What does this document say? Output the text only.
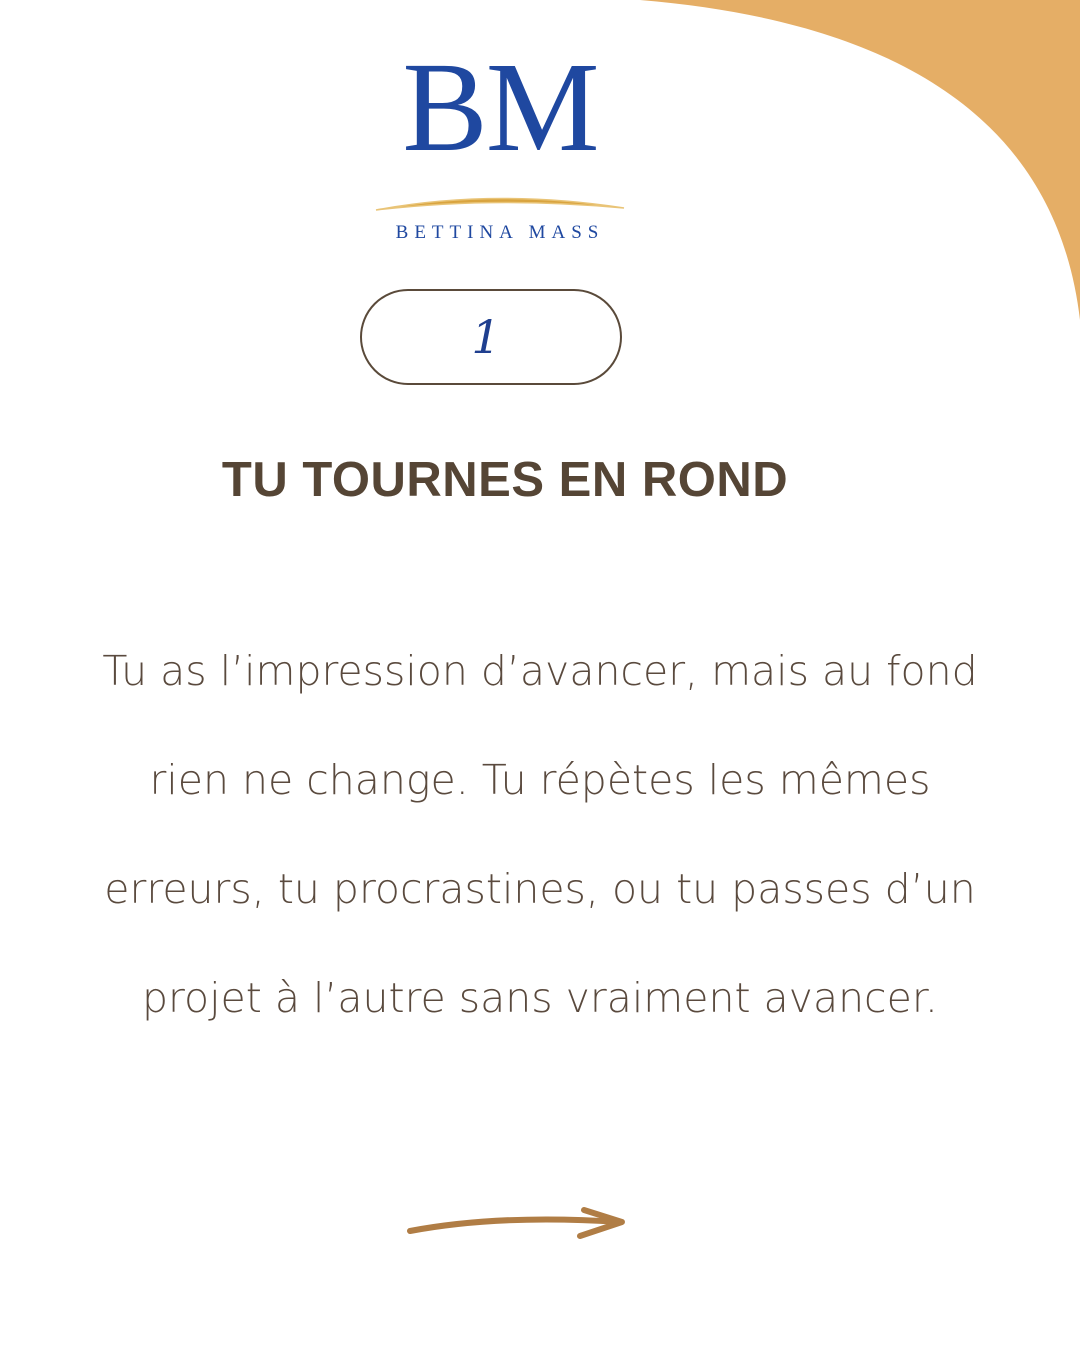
BM
BETTINA MASS
1
TU TOURNES EN ROND
Tu as l’impression d’avancer, mais au fond
rien ne change. Tu répètes les mêmes
erreurs, tu procrastines, ou tu passes d’un
projet à l’autre sans vraiment avancer.
